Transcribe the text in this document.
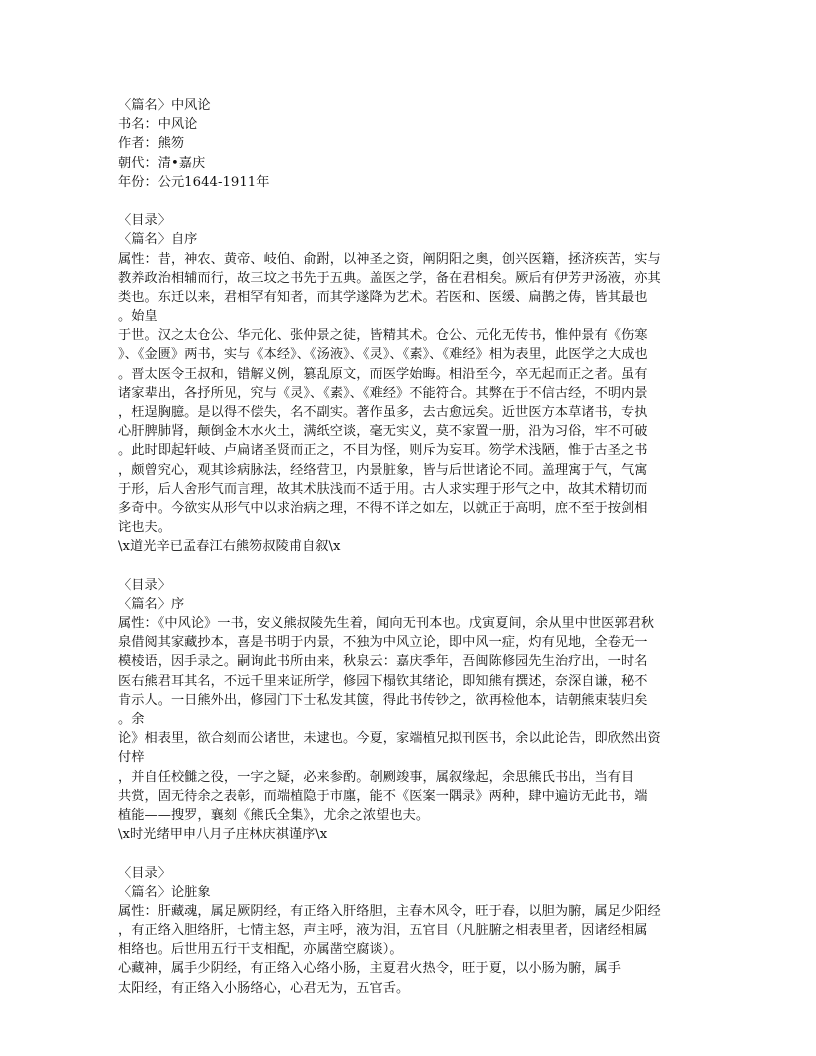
〈篇名〉中风论
书名：中风论
作者：熊笏
朝代：清•嘉庆
年份：公元1644-1911年
〈目录〉
〈篇名〉自序
属性：昔，神农、黄帝、岐伯、俞跗，以神圣之资，阐阴阳之奥，创兴医籍，拯济疾苦，实与
教养政治相辅而行，故三坟之书先于五典。盖医之学，备在君相矣。厥后有伊芳尹汤液，亦其
类也。东迁以来，君相罕有知者，而其学遂降为艺术。若医和、医缓、扁鹊之俦，皆其最也
。始皇
于世。汉之太仓公、华元化、张仲景之徒，皆精其术。仓公、元化无传书，惟仲景有《伤寒
》、《金匮》两书，实与《本经》、《汤液》、《灵》、《素》、《难经》相为表里，此医学之大成也
。晋太医令王叔和，错解义例，篡乱原文，而医学始晦。相沿至今，卒无起而正之者。虽有
诸家辈出，各抒所见，究与《灵》、《素》、《难经》不能符合。其弊在于不信古经，不明内景
，枉逞胸臆。是以得不偿失，名不副实。著作虽多，去古愈远矣。近世医方本草诸书，专执
心肝脾肺肾，颠倒金木水火土，满纸空谈，毫无实义，莫不家置一册，沿为习俗，牢不可破
。此时即起轩岐、卢扁诸圣贤而正之，不目为怪，则斥为妄耳。笏学术浅陋，惟于古圣之书
，颇曾究心，观其诊病脉法，经络营卫，内景脏象，皆与后世诸论不同。盖理寓于气，气寓
于形，后人舍形气而言理，故其术肤浅而不适于用。古人求实理于形气之中，故其术精切而
多奇中。今欲实从形气中以求治病之理，不得不详之如左，以就正于高明，庶不至于按剑相
诧也夫。
\x道光辛已孟春江右熊笏叔陵甫自叙\x
〈目录〉
〈篇名〉序
属性：《中风论》一书，安义熊叔陵先生着，闻向无刊本也。戊寅夏间，余从里中世医郭君秋
泉借阅其家藏抄本，喜是书明于内景，不独为中风立论，即中风一症，灼有见地，全卷无一
模棱语，因手录之。嗣询此书所由来，秋泉云：嘉庆季年，吾闽陈修园先生治疗出，一时名
医右熊君耳其名，不远千里来证所学，修园下榻钦其绪论，即知熊有撰述，奈深自谦，秘不
肯示人。一日熊外出，修园门下士私发其箧，得此书传钞之，欲再检他本，诘朝熊束装归矣
。余
论》相表里，欲合刻而公诸世，未逮也。今夏，家端植兄拟刊医书，余以此论告，即欣然出资
付梓
，并自任校雠之役，一字之疑，必来参酌。剞劂竣事，属叙缘起，余思熊氏书出，当有目
共赏，固无待余之表彰，而端植隐于市廛，能不《医案一隅录》两种，肆中遍访无此书，端
植能——搜罗，襄刻《熊氏全集》，尤余之浓望也夫。
\x时光绪甲申八月子庄林庆祺谨序\x
〈目录〉
〈篇名〉论脏象
属性：肝藏魂，属足厥阴经，有正络入肝络胆，主春木风令，旺于春，以胆为腑，属足少阳经
，有正络入胆络肝，七情主怒，声主呼，液为泪，五官目（凡脏腑之相表里者，因诸经相属
相络也。后世用五行干支相配，亦属凿空腐谈）。
心藏神，属手少阴经，有正络入心络小肠，主夏君火热令，旺于夏，以小肠为腑，属手
太阳经，有正络入小肠络心，心君无为，五官舌。
